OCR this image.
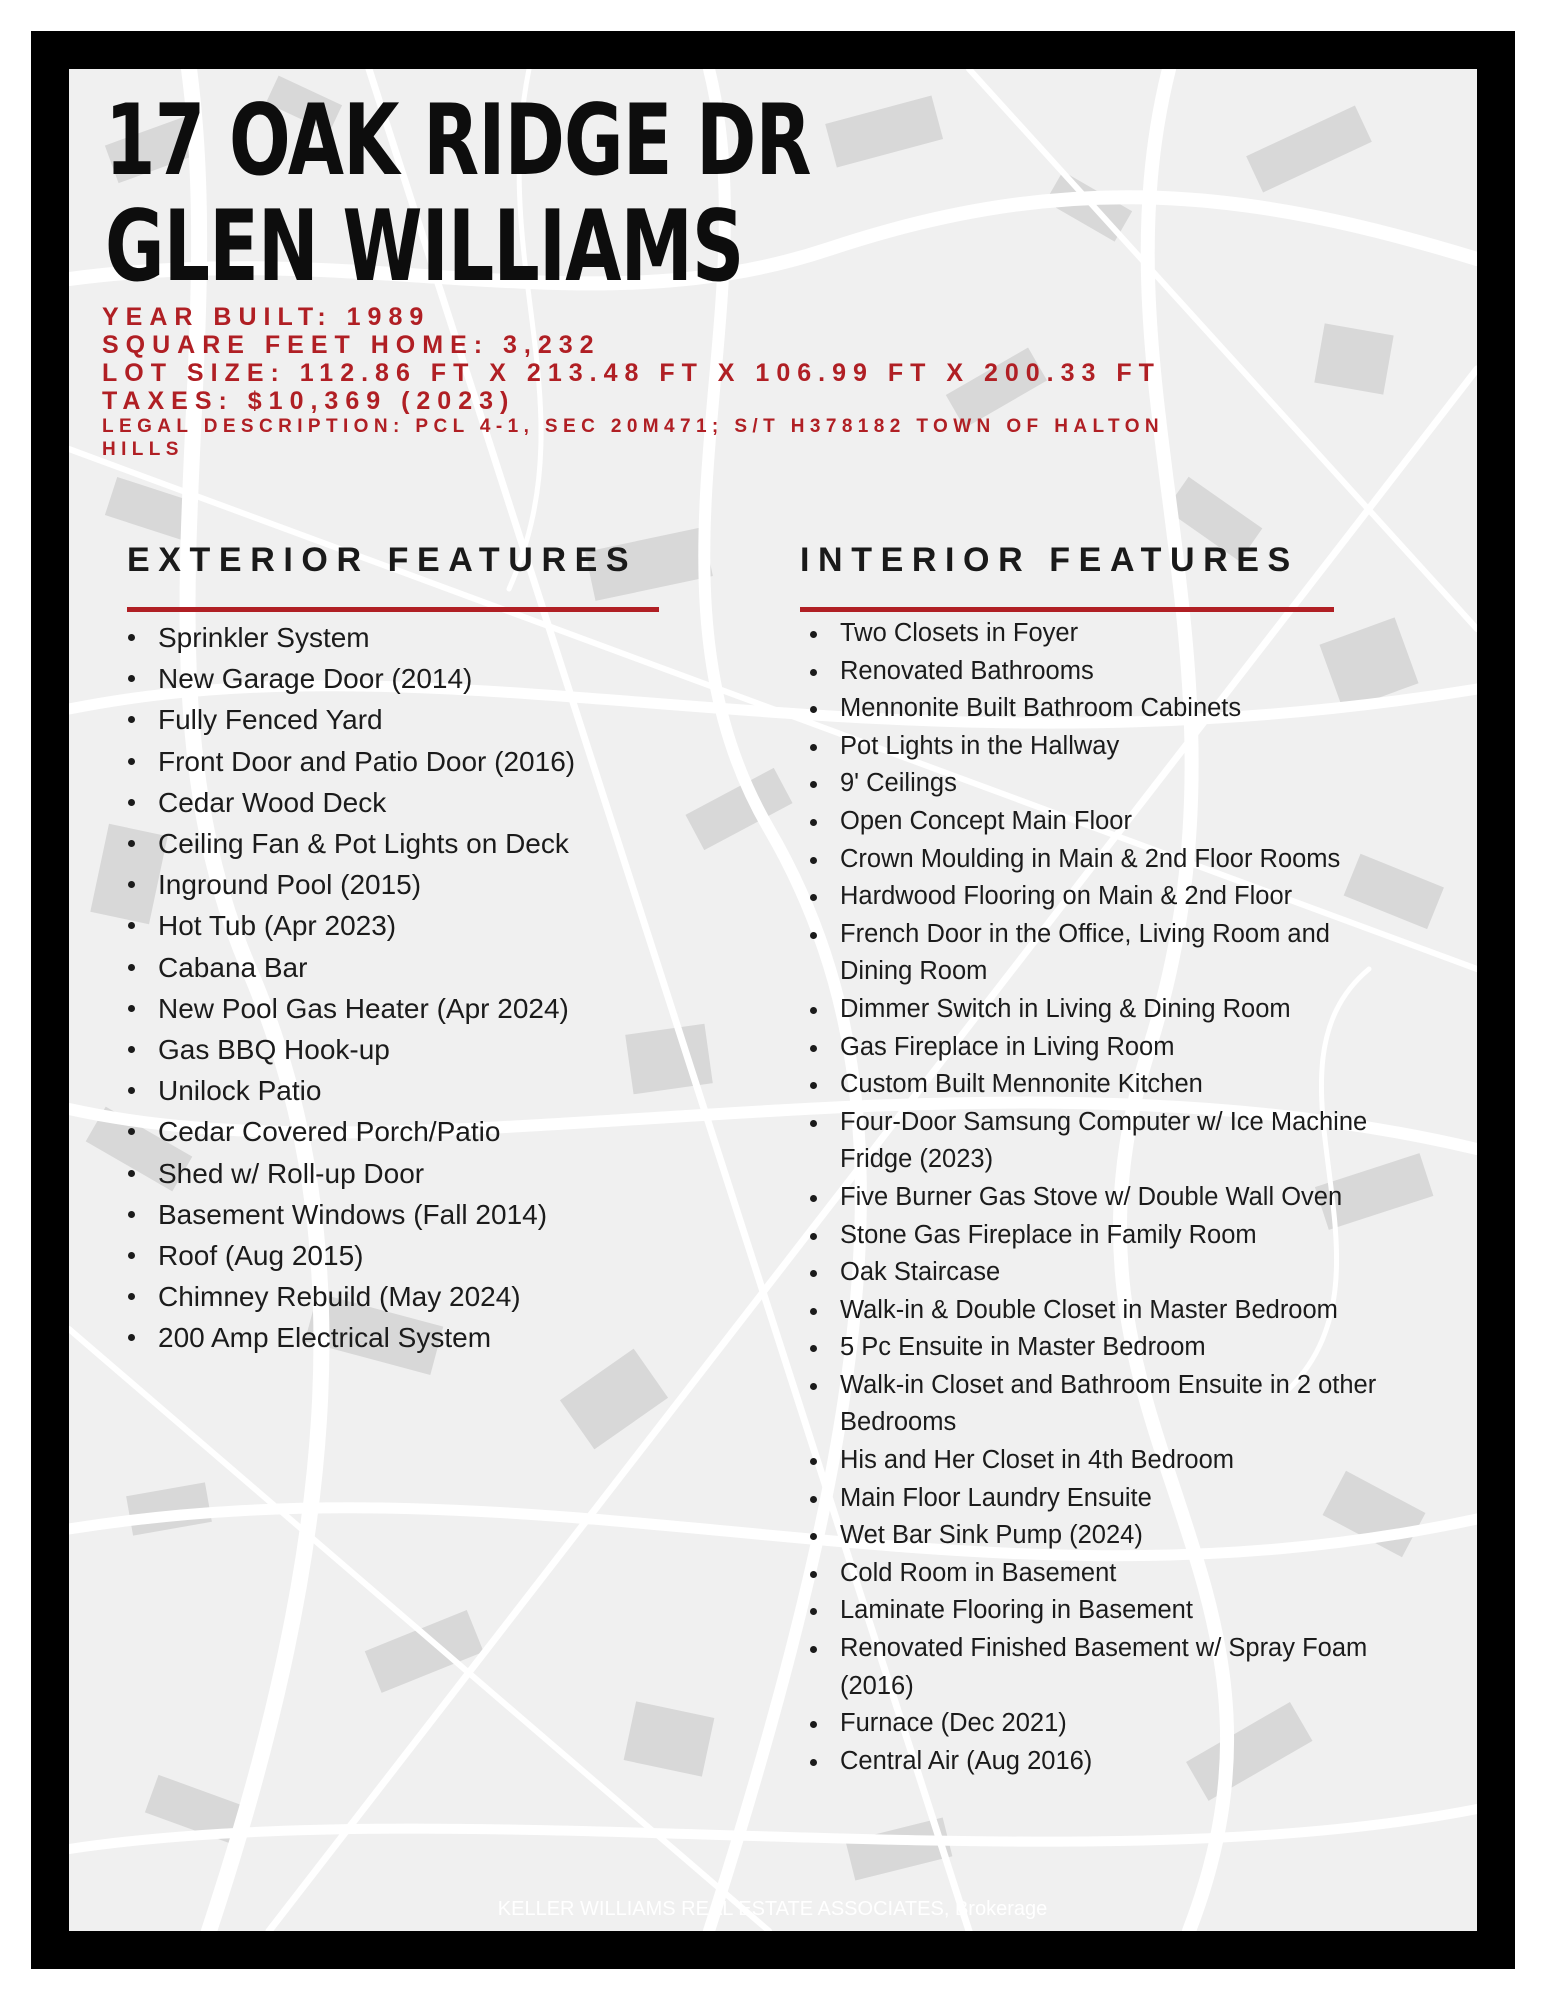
17 OAK RIDGE DR
GLEN WILLIAMS

YEAR BUILT: 1989

SQUARE FEET HOME: 3,232

LOT SIZE: 112.86 FT X 213.48 FT X 106.99 FT X 200.33 FT

TAXES: $10,369 (2023)

LEGAL DESCRIPTION: PCL 4-1, SEC 20M471; S/T H378182 TOWN OF HALTON HILLS

EXTERIOR FEATURES
Sprinkler System
New Garage Door (2014)
Fully Fenced Yard
Front Door and Patio Door (2016)
Cedar Wood Deck
Ceiling Fan & Pot Lights on Deck
Inground Pool (2015)
Hot Tub (Apr 2023)
Cabana Bar
New Pool Gas Heater (Apr 2024)
Gas BBQ Hook-up
Unilock Patio
Cedar Covered Porch/Patio
Shed w/ Roll-up Door
Basement Windows (Fall 2014)
Roof (Aug 2015)
Chimney Rebuild (May 2024)
200 Amp Electrical System
INTERIOR FEATURES
Two Closets in Foyer
Renovated Bathrooms
Mennonite Built Bathroom Cabinets
Pot Lights in the Hallway
9' Ceilings
Open Concept Main Floor
Crown Moulding in Main & 2nd Floor Rooms
Hardwood Flooring on Main & 2nd Floor
French Door in the Office, Living Room and Dining Room
Dimmer Switch in Living & Dining Room
Gas Fireplace in Living Room
Custom Built Mennonite Kitchen
Four-Door Samsung Computer w/ Ice Machine Fridge (2023)
Five Burner Gas Stove w/ Double Wall Oven
Stone Gas Fireplace in Family Room
Oak Staircase
Walk-in & Double Closet in Master Bedroom
5 Pc Ensuite in Master Bedroom
Walk-in Closet and Bathroom Ensuite in 2 other Bedrooms
His and Her Closet in 4th Bedroom
Main Floor Laundry Ensuite
Wet Bar Sink Pump (2024)
Cold Room in Basement
Laminate Flooring in Basement
Renovated Finished Basement w/ Spray Foam (2016)
Furnace (Dec 2021)
Central Air (Aug 2016)
KELLER WILLIAMS REAL ESTATE ASSOCIATES, Brokerage
